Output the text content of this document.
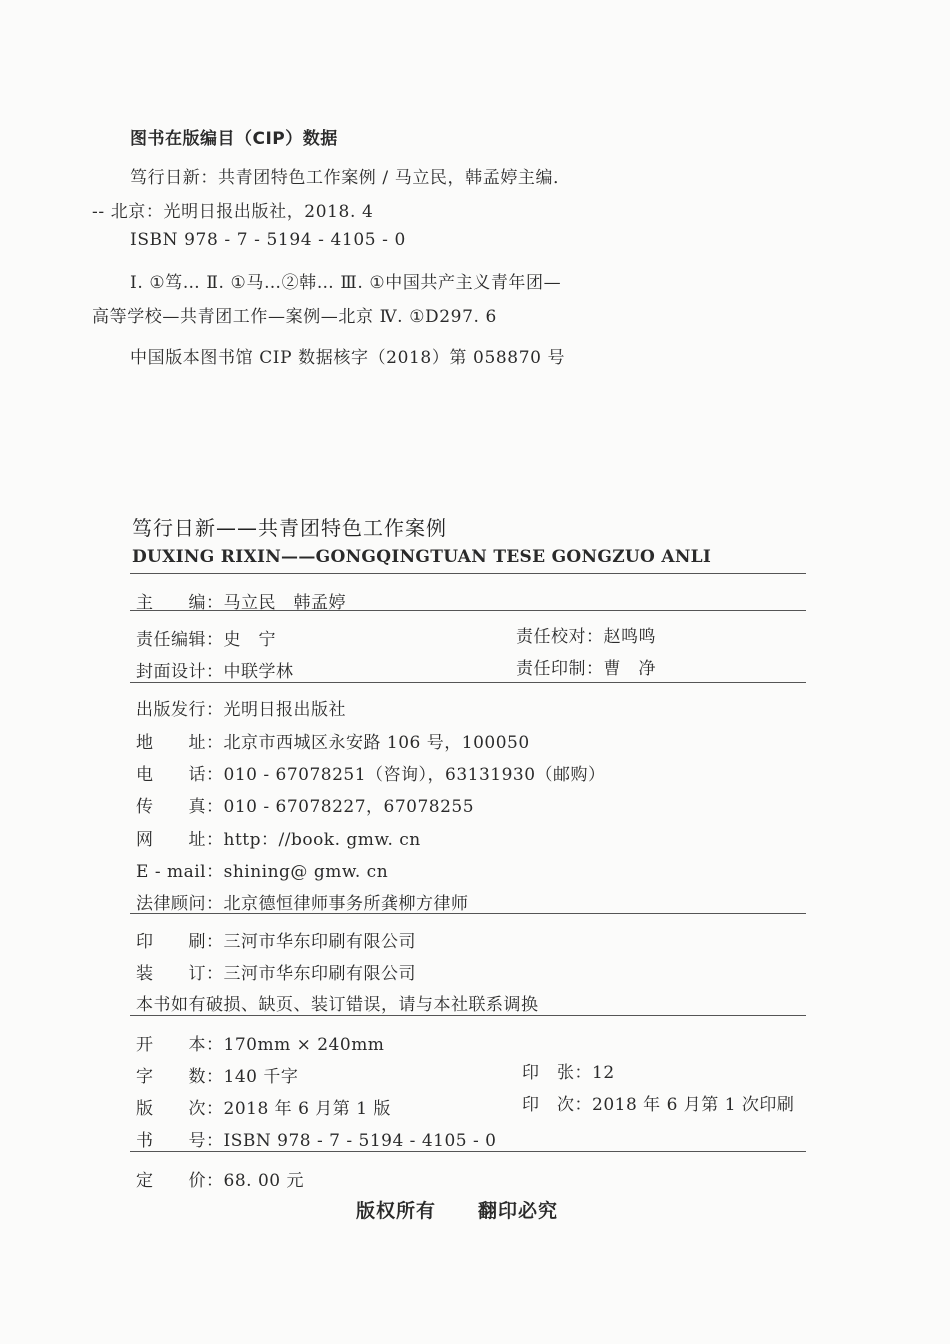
图书在版编目（CIP）数据
笃行日新：共青团特色工作案例 / 马立民，韩孟婷主编．
-- 北京：光明日报出版社，2018. 4
ISBN 978 - 7 - 5194 - 4105 - 0
Ⅰ. ①笃… Ⅱ. ①马…②韩… Ⅲ. ①中国共产主义青年团—
高等学校—共青团工作—案例—北京 Ⅳ. ①D297. 6
中国版本图书馆 CIP 数据核字（2018）第 058870 号
笃行日新——共青团特色工作案例
DUXING RIXIN——GONGQINGTUAN TESE GONGZUO ANLI
主　　编：马立民　韩孟婷
责任编辑：史　宁	责任校对：赵鸣鸣
封面设计：中联学林	责任印制：曹　净
出版发行：光明日报出版社
地　　址：北京市西城区永安路 106 号，100050
电　　话：010 - 67078251（咨询），63131930（邮购）
传　　真：010 - 67078227，67078255
网　　址：http：//book. gmw. cn
E - mail：shining@ gmw. cn
法律顾问：北京德恒律师事务所龚柳方律师
印　　刷：三河市华东印刷有限公司
装　　订：三河市华东印刷有限公司
本书如有破损、缺页、装订错误，请与本社联系调换
开　　本：170mm × 240mm
字　　数：140 千字	印　张：12
版　　次：2018 年 6 月第 1 版	印　次：2018 年 6 月第 1 次印刷
书　　号：ISBN 978 - 7 - 5194 - 4105 - 0
定　　价：68. 00 元
版权所有 翻印必究
